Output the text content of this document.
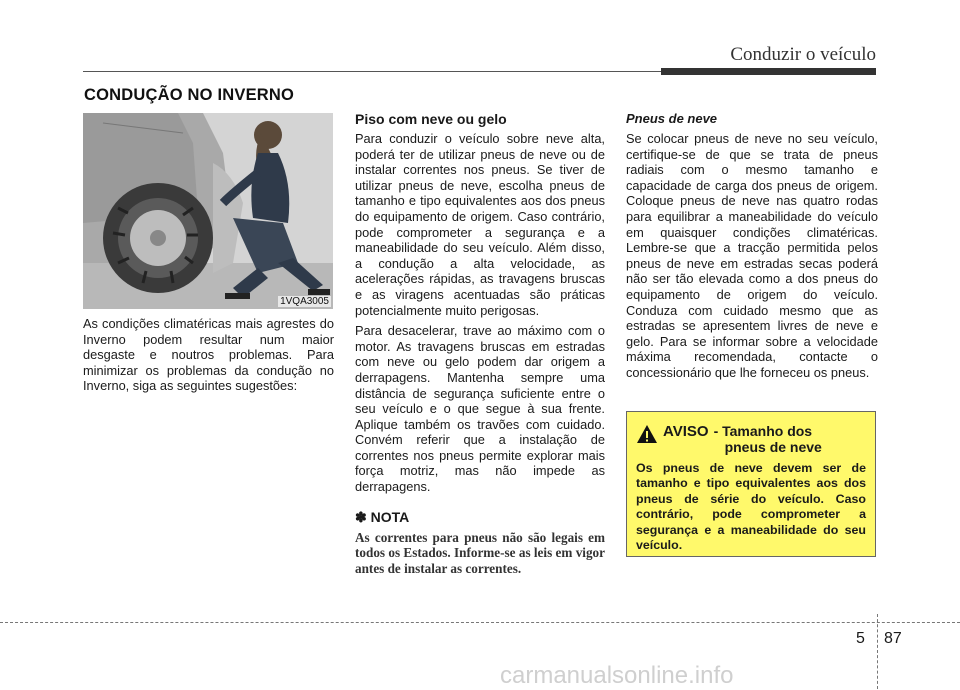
Conduzir o veículo
CONDUÇÃO NO INVERNO
1VQA3005
As condições climatéricas mais agrestes do Inverno podem resultar num maior desgaste e noutros problemas. Para minimizar os problemas da condução no Inverno, siga as seguintes sugestões:
Piso com neve ou gelo

Para conduzir o veículo sobre neve alta, poderá ter de utilizar pneus de neve ou de instalar correntes nos pneus. Se tiver de utilizar pneus de neve, escolha pneus de tamanho e tipo equivalentes aos dos pneus do equipamento de origem. Caso contrário, pode comprometer a segurança e a maneabilidade do seu veículo. Além disso, a condução a alta velocidade, as acelerações rápidas, as travagens bruscas e as viragens acentuadas são práticas potencialmente muito perigosas.

Para desacelerar, trave ao máximo com o motor. As travagens bruscas em estradas com neve ou gelo podem dar origem a derrapagens. Mantenha sempre uma distância de segurança suficiente entre o seu veículo e o que segue à sua frente. Aplique também os travões com cuidado. Convém referir que a instalação de correntes nos pneus permite explorar mais força motriz, mas não impede as derrapagens.

✽ NOTA

As correntes para pneus não são legais em todos os Estados. Informe-se as leis em vigor antes de instalar as correntes.

Pneus de neve

Se colocar pneus de neve no seu veículo, certifique-se de que se trata de pneus radiais com o mesmo tamanho e capacidade de carga dos pneus de origem. Coloque pneus de neve nas quatro rodas para equilibrar a maneabilidade do veículo em quaisquer condições climatéricas. Lembre-se que a tracção permitida pelos pneus de neve em estradas secas poderá não ser tão elevada como a dos pneus do equipamento de origem do veículo. Conduza com cuidado mesmo que as estradas se apresentem livres de neve e gelo. Para se informar sobre a velocidade máxima recomendada, contacte o concessionário que lhe forneceu os pneus.

AVISO - Tamanho dos
pneus de neve
Os pneus de neve devem ser de tamanho e tipo equivalentes aos dos pneus de série do veículo. Caso contrário, pode comprometer a segurança e a maneabilidade do seu veículo.
5 87
carmanualsonline.info
